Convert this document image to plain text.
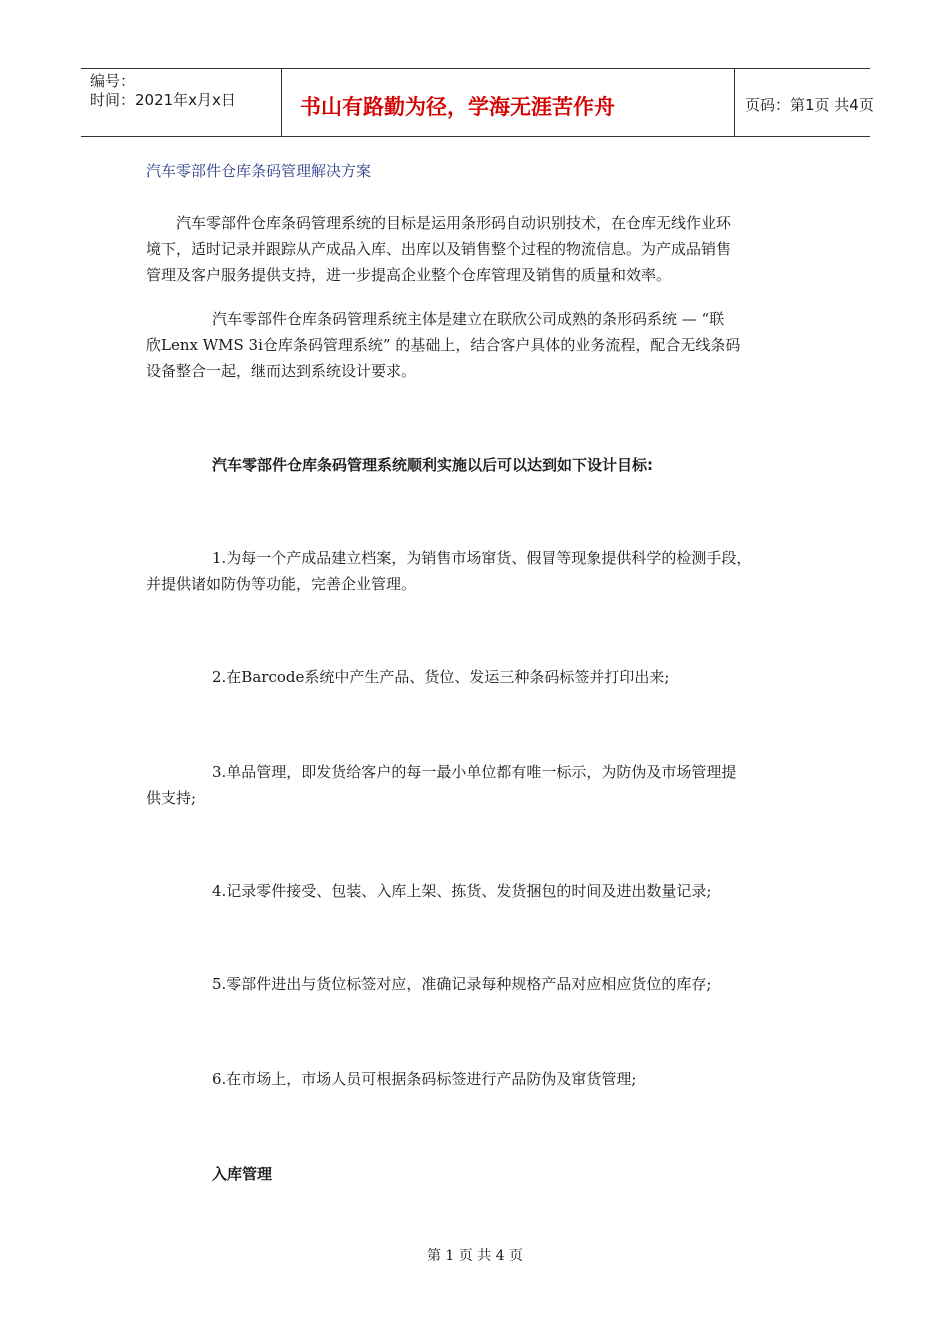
编号：
时间：2021年x月x日	书山有路勤为径，学海无涯苦作舟	页码：第1页 共4页
汽车零部件仓库条码管理解决方案
汽车零部件仓库条码管理系统的目标是运用条形码自动识别技术，在仓库无线作业环
境下，适时记录并跟踪从产成品入库、出库以及销售整个过程的物流信息。为产成品销售
管理及客户服务提供支持，进一步提高企业整个仓库管理及销售的质量和效率。
汽车零部件仓库条码管理系统主体是建立在联欣公司成熟的条形码系统 — “联
欣Lenx WMS 3i仓库条码管理系统” 的基础上，结合客户具体的业务流程，配合无线条码
设备整合一起，继而达到系统设计要求。
汽车零部件仓库条码管理系统顺利实施以后可以达到如下设计目标:
1.为每一个产成品建立档案，为销售市场窜货、假冒等现象提供科学的检测手段，
并提供诸如防伪等功能，完善企业管理。
2.在Barcode系统中产生产品、货位、发运三种条码标签并打印出来;
3.单品管理，即发货给客户的每一最小单位都有唯一标示，为防伪及市场管理提
供支持;
4.记录零件接受、包装、入库上架、拣货、发货捆包的时间及进出数量记录;
5.零部件进出与货位标签对应，准确记录每种规格产品对应相应货位的库存;
6.在市场上，市场人员可根据条码标签进行产品防伪及窜货管理;
入库管理
第 1 页 共 4 页
